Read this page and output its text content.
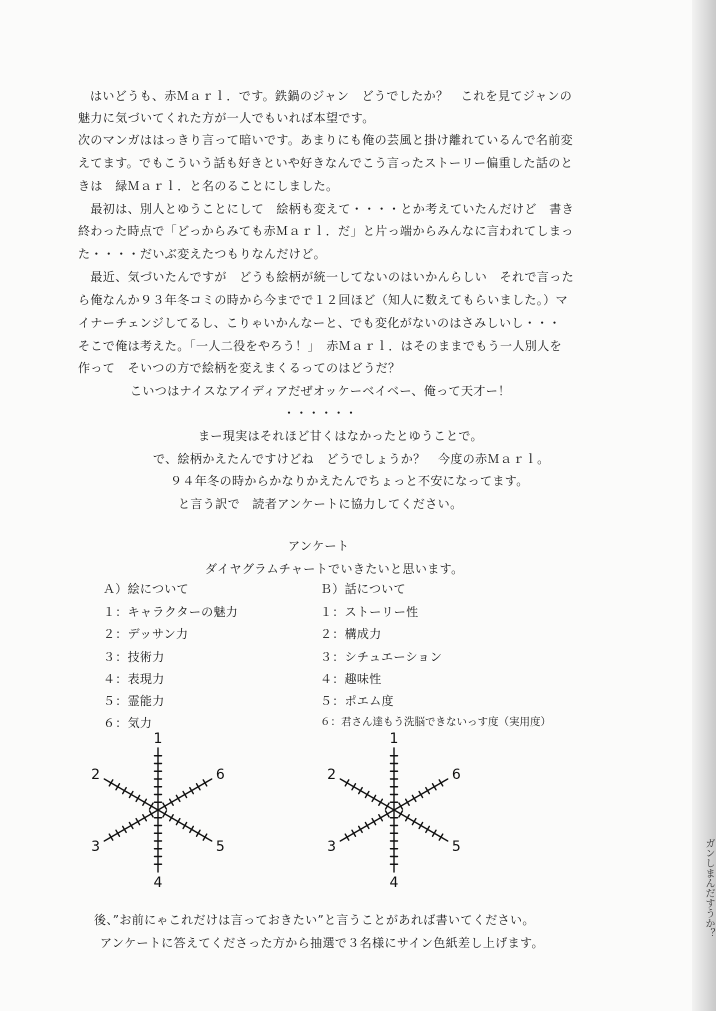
ガンしまんだすうか？
はいどうも、赤Ｍａｒｌ．です。鉄鍋のジャン　どうでしたか？　これを見てジャンの
魅力に気づいてくれた方が一人でもいれば本望です。
次のマンガははっきり言って暗いです。あまりにも俺の芸風と掛け離れているんで名前変
えてます。でもこういう話も好きといや好きなんでこう言ったストーリー偏重した話のと
きは　緑Ｍａｒｌ．と名のることにしました。
　最初は、別人とゆうことにして　絵柄も変えて・・・・とか考えていたんだけど　書き
終わった時点で「どっからみても赤Ｍａｒｌ．だ」と片っ端からみんなに言われてしまっ
た・・・・だいぶ変えたつもりなんだけど。
　最近、気づいたんですが　どうも絵柄が統一してないのはいかんらしい　それで言った
ら俺なんか９３年冬コミの時から今までで１２回ほど（知人に数えてもらいました。）マ
イナーチェンジしてるし、こりゃいかんなーと、でも変化がないのはさみしいし・・・
そこで俺は考えた。「一人二役をやろう！」　赤Ｍａｒｌ．はそのままでもう一人別人を
作って　そいつの方で絵柄を変えまくるってのはどうだ？
こいつはナイスなアイディアだぜオッケーベイベー、俺って天才ー！
・・・・・・
まー現実はそれほど甘くはなかったとゆうことで。
で、絵柄かえたんですけどね　どうでしょうか？　今度の赤Ｍａｒｌ。
９４年冬の時からかなりかえたんでちょっと不安になってます。
と言う訳で　読者アンケートに協力してください。
アンケート
ダイヤグラムチャートでいきたいと思います。
Ａ）絵について
１：キャラクターの魅力
２：デッサン力
３：技術力
４：表現力
５：霊能力
６：気力
Ｂ）話について
１：ストーリー性
２：構成力
３：シチュエーション
４：趣味性
５：ポエム度
６：君さん達もう洗脳できないっす度（実用度）
1
4
2
5
3
6
1
4
2
5
3
6
後、”お前にゃこれだけは言っておきたい”と言うことがあれば書いてください。
アンケートに答えてくださった方から抽選で３名様にサイン色紙差し上げます。
